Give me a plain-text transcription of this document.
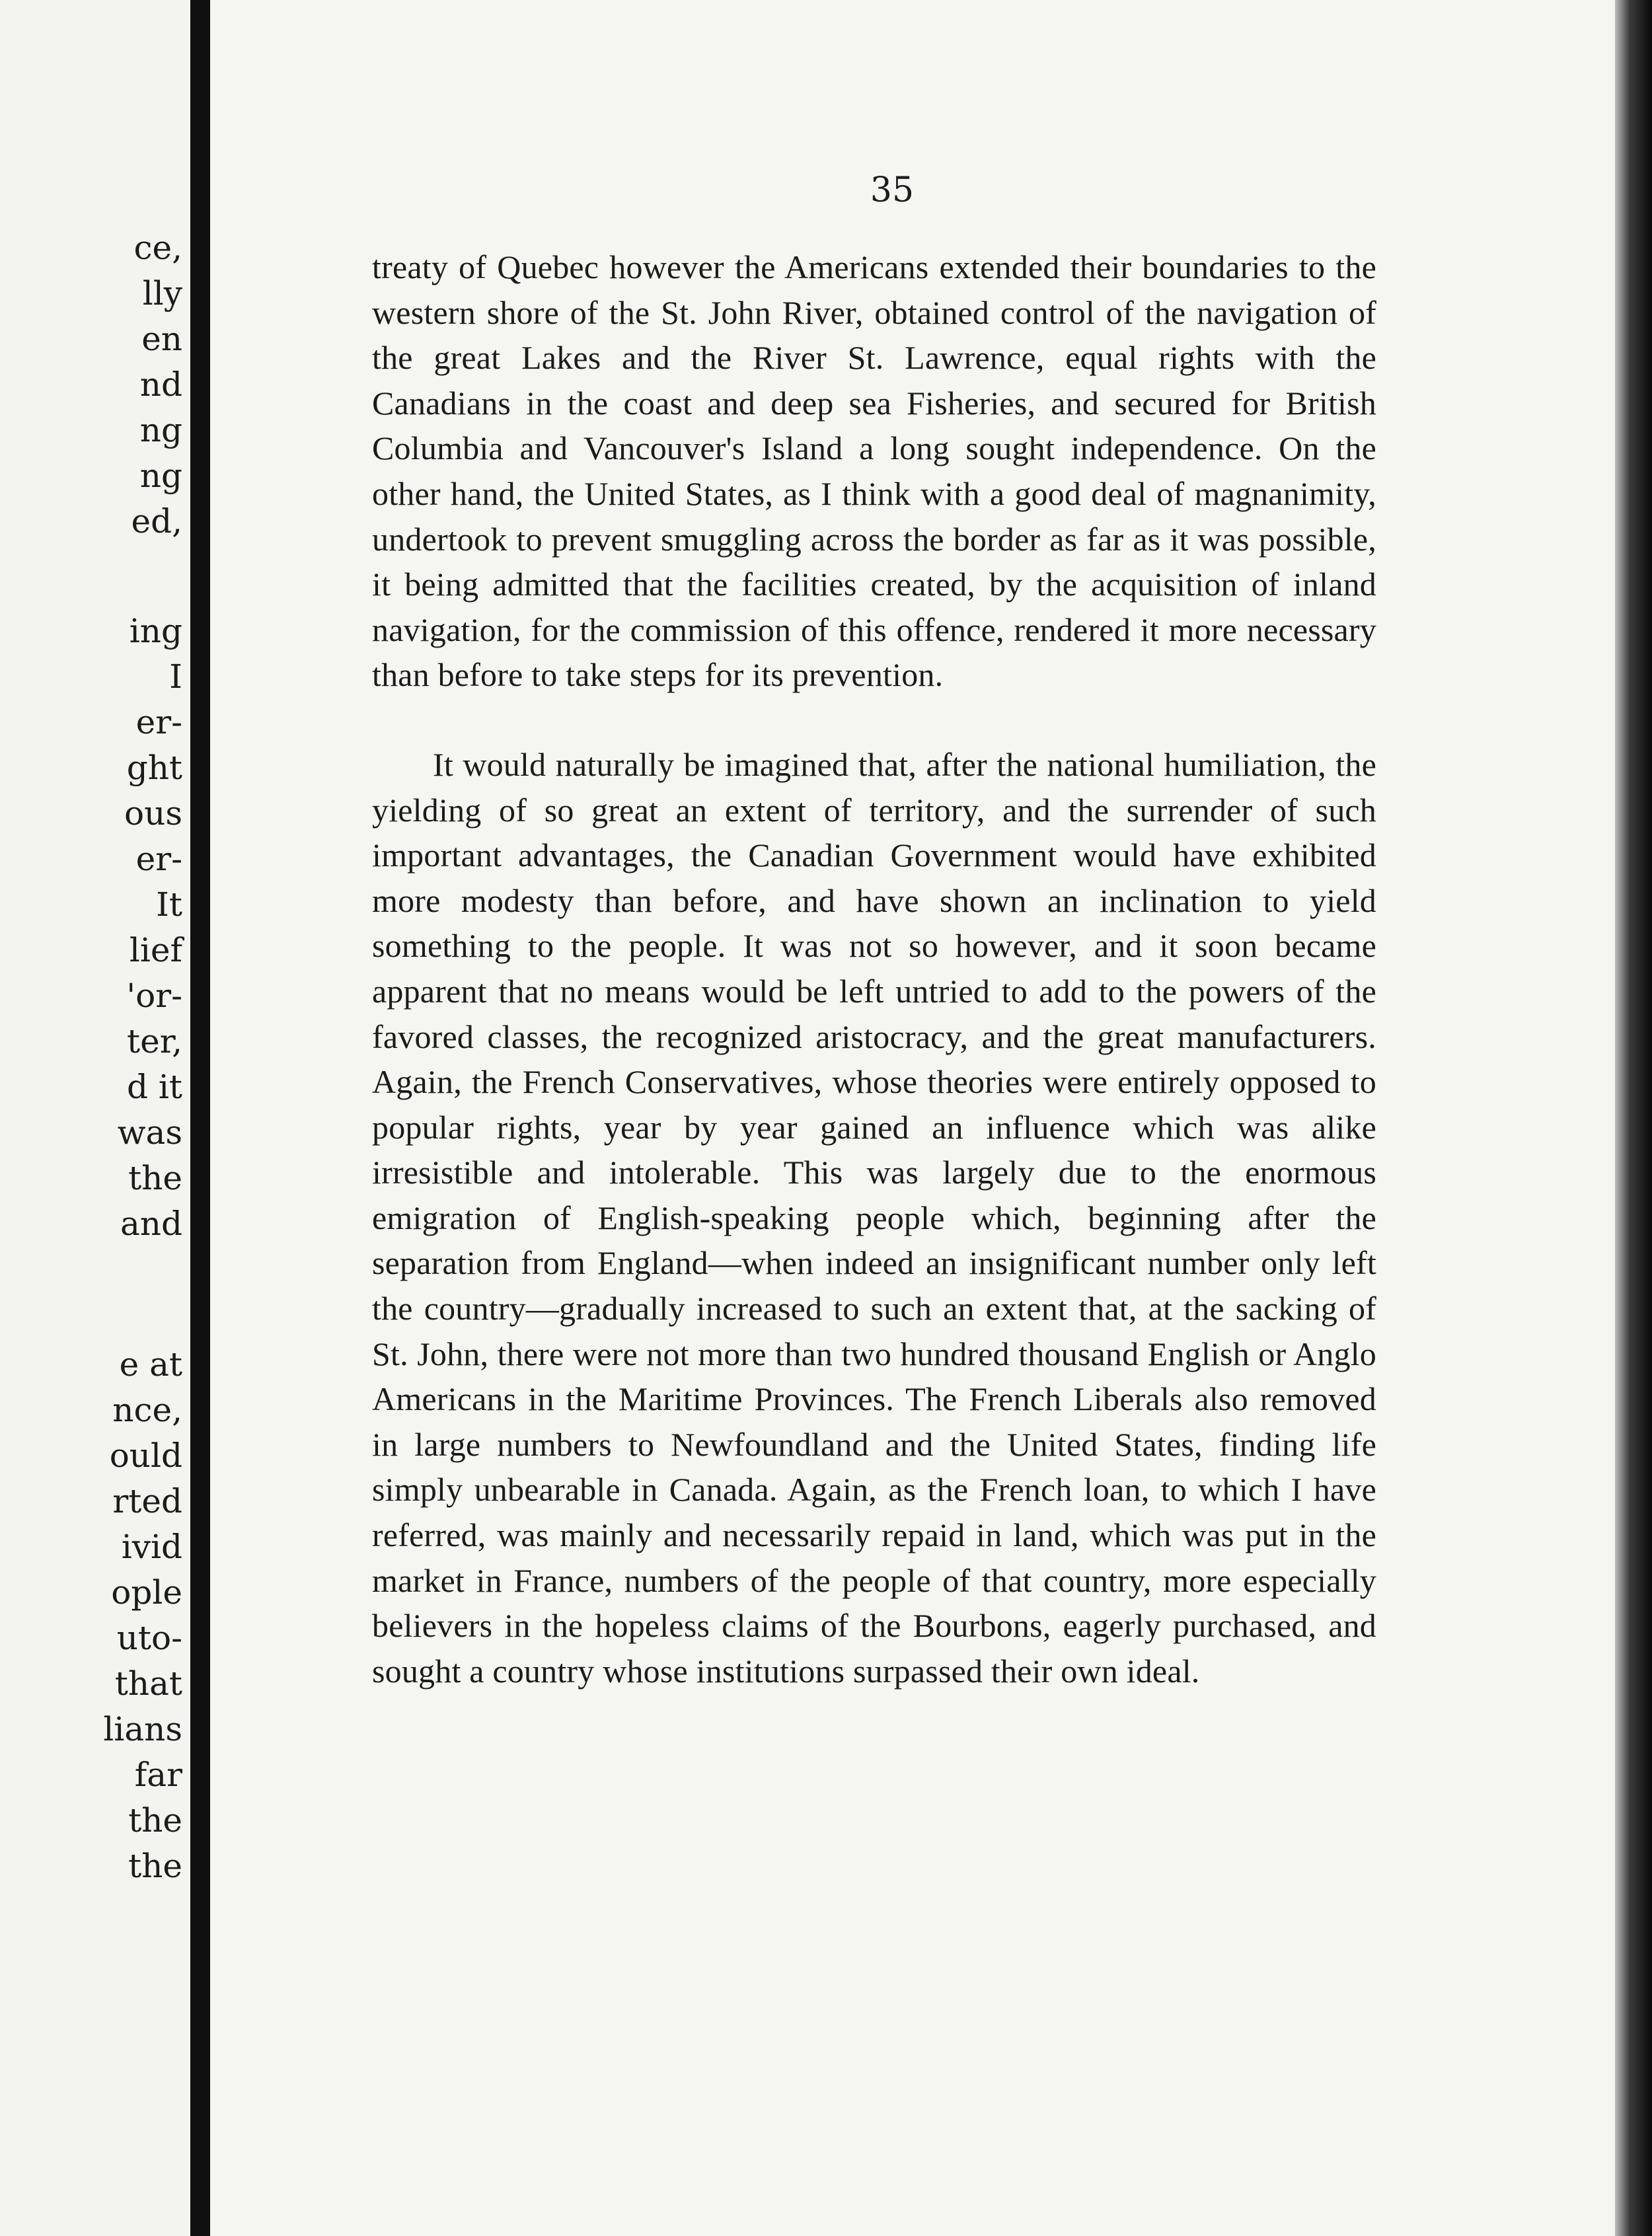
ce,
lly
en
nd
ng
ng
ed,
ing
I
er-
ght
ous
er-
It
lief
'or-
ter,
d it
was
the
and
e at
nce,
ould
rted
ivid
ople
uto-
that
lians
far
the
the
35

treaty of Quebec however the Americans extended their boundaries to the western shore of the St. John River, obtained control of the navigation of the great Lakes and the River St. Lawrence, equal rights with the Canadians in the coast and deep sea Fisheries, and secured for British Columbia and Vancouver's Island a long sought independence. On the other hand, the United States, as I think with a good deal of magnanimity, undertook to prevent smuggling across the border as far as it was possible, it being admitted that the facilities created, by the acquisition of inland navigation, for the commission of this offence, rendered it more necessary than before to take steps for its prevention.

It would naturally be imagined that, after the national humiliation, the yielding of so great an extent of territory, and the surrender of such important advantages, the Canadian Government would have exhibited more modesty than before, and have shown an inclination to yield something to the people. It was not so however, and it soon became apparent that no means would be left untried to add to the powers of the favored classes, the recognized aristocracy, and the great manufacturers. Again, the French Conservatives, whose theories were entirely opposed to popular rights, year by year gained an influence which was alike irresistible and intolerable. This was largely due to the enormous emigration of English-speaking people which, beginning after the separation from England—when indeed an insignificant number only left the country—gradually increased to such an extent that, at the sacking of St. John, there were not more than two hundred thousand English or Anglo Americans in the Maritime Provinces. The French Liberals also removed in large numbers to Newfoundland and the United States, finding life simply unbearable in Canada. Again, as the French loan, to which I have referred, was mainly and necessarily repaid in land, which was put in the market in France, numbers of the people of that country, more especially believers in the hopeless claims of the Bourbons, eagerly purchased, and sought a country whose institutions surpassed their own ideal.
